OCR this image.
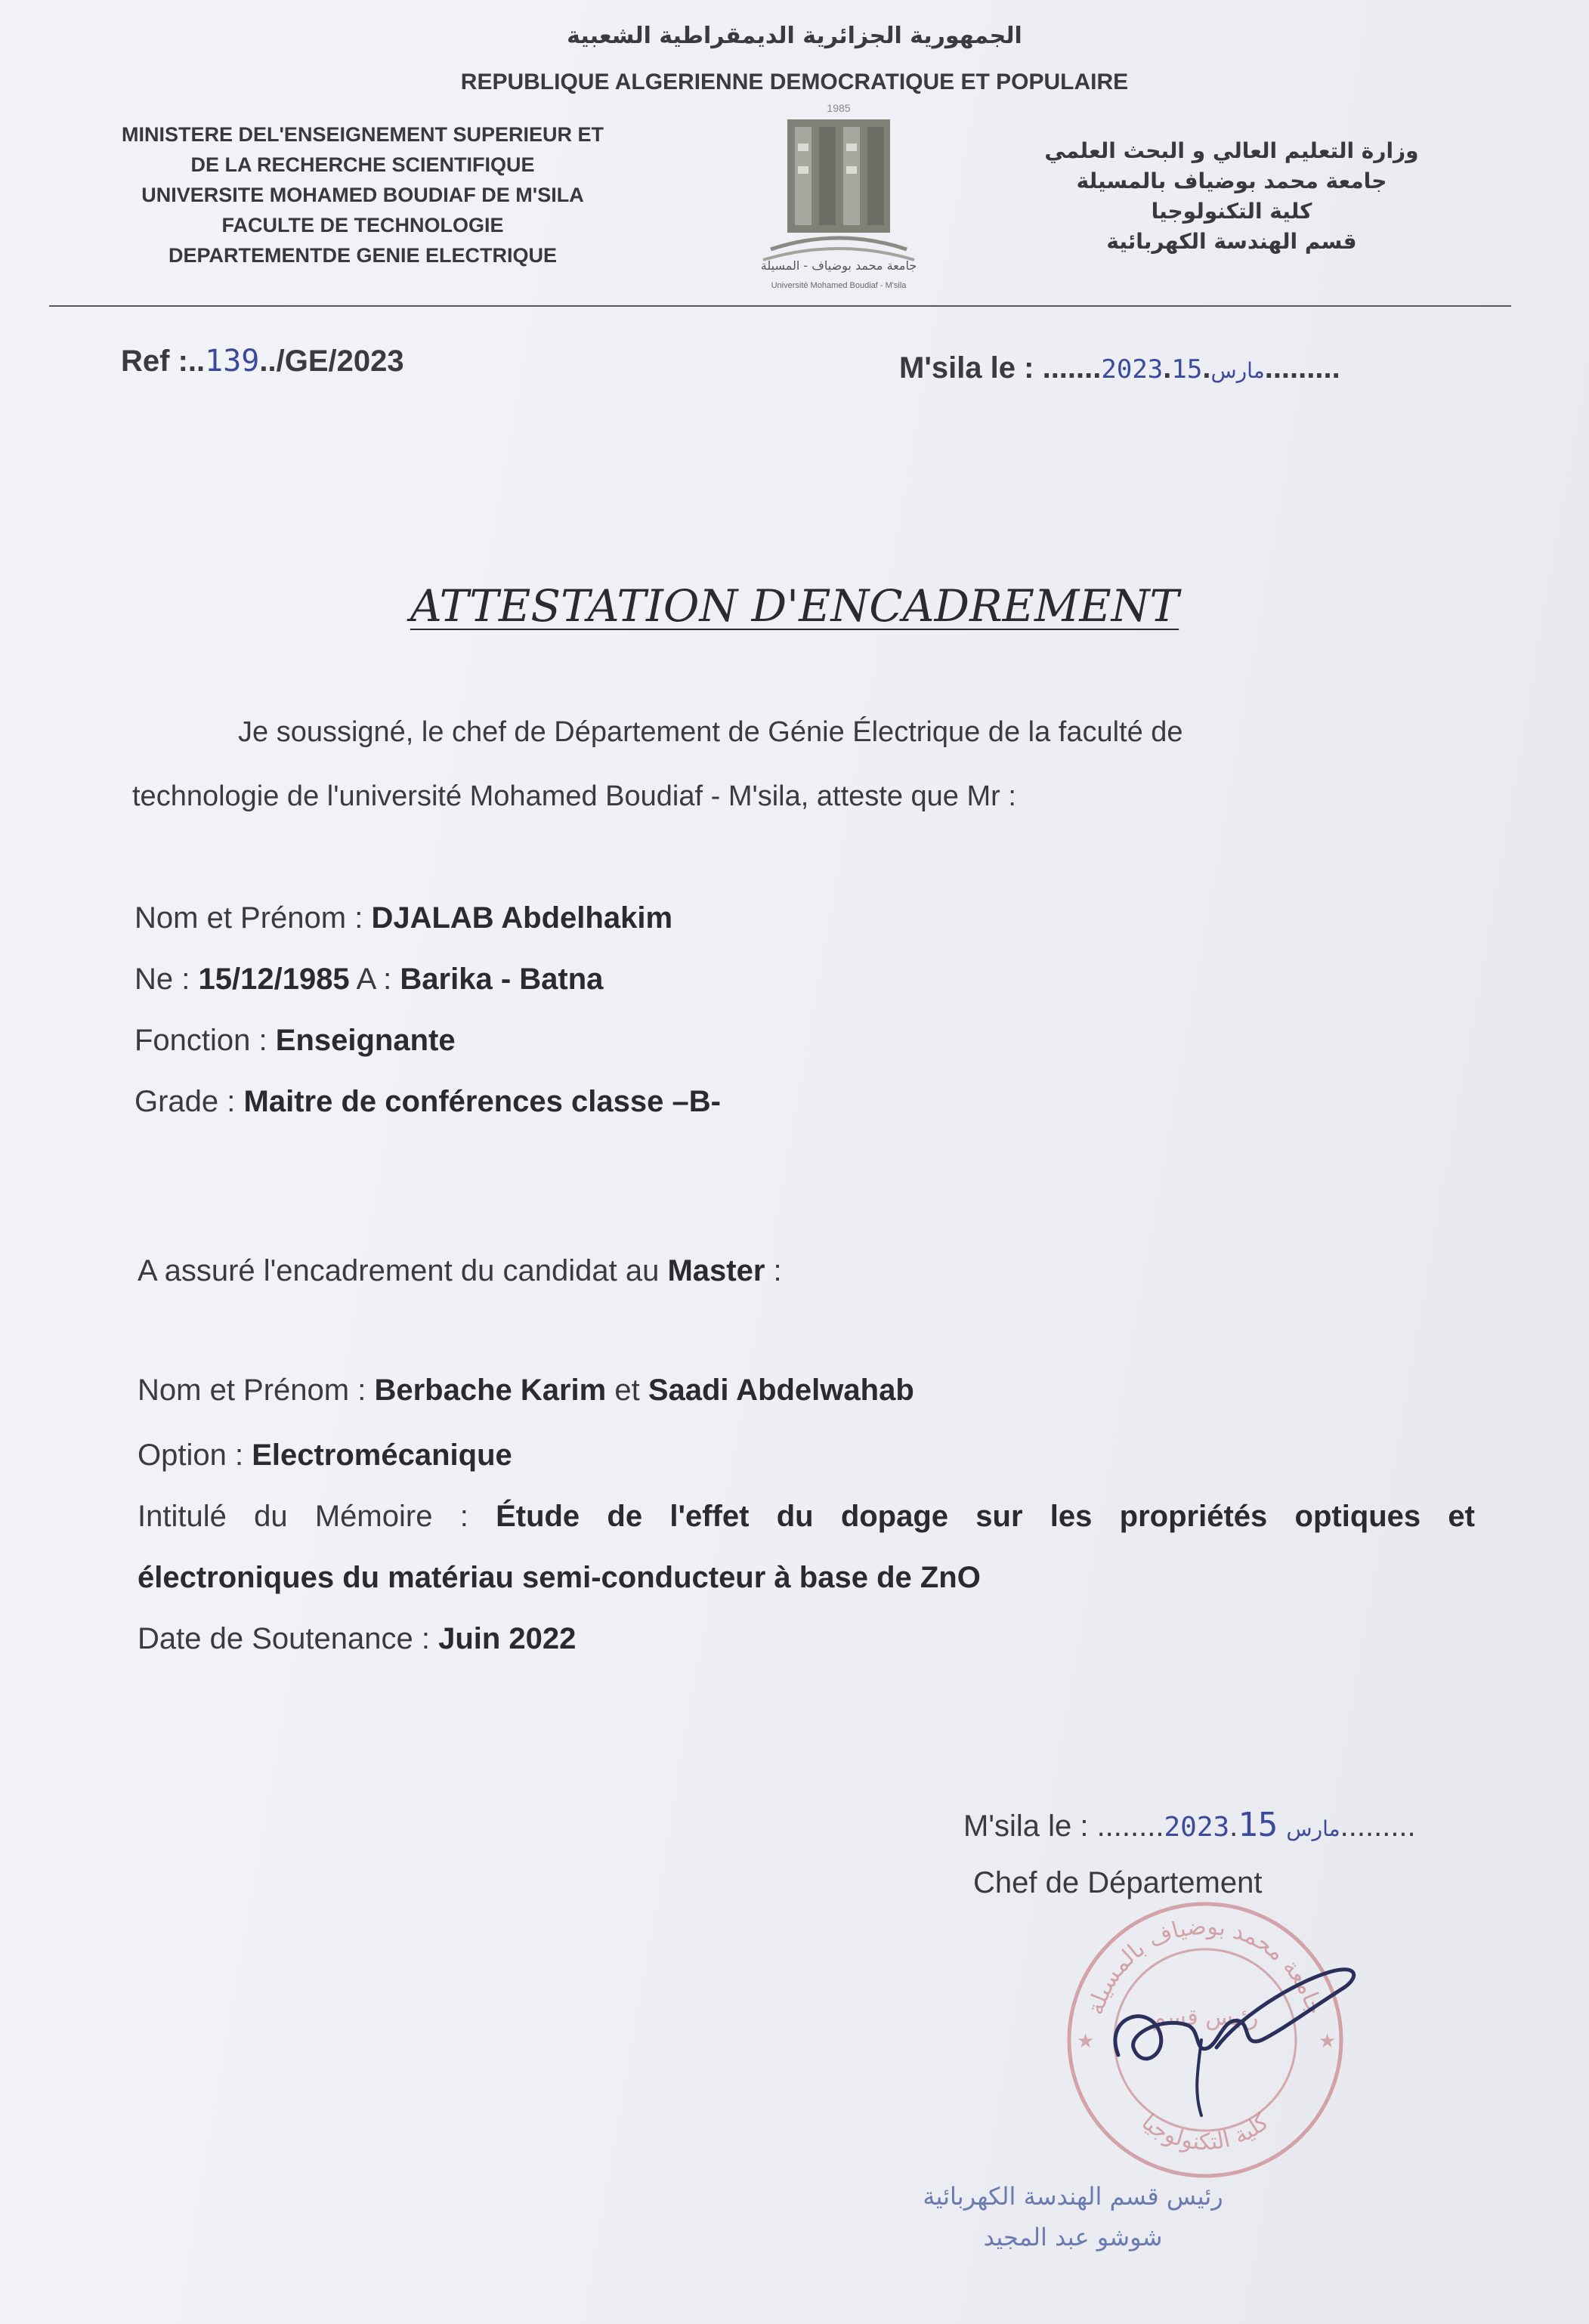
الجمهورية الجزائرية الديمقراطية الشعبية
REPUBLIQUE ALGERIENNE DEMOCRATIQUE ET POPULAIRE
MINISTERE DEL'ENSEIGNEMENT SUPERIEUR ET
DE LA RECHERCHE SCIENTIFIQUE
UNIVERSITE MOHAMED BOUDIAF DE M'SILA
FACULTE DE TECHNOLOGIE
DEPARTEMENTDE GENIE ELECTRIQUE
وزارة التعليم العالي و البحث العلمي
جامعة محمد بوضياف بالمسيلة
كلية التكنولوجيا
قسم الهندسة الكهربائية
1985
جامعة محمد بوضياف - المسيلة
Université Mohamed Boudiaf - M'sila
Ref :..139../GE/2023	M'sila le : .......2023. مارس.15 .........
ATTESTATION D'ENCADREMENT
Je soussigné, le chef de Département de Génie Électrique de la faculté de
technologie de l'université Mohamed Boudiaf - M'sila, atteste que Mr :
Nom et Prénom : DJALAB Abdelhakim
Ne : 15/12/1985 A : Barika - Batna
Fonction : Enseignante
Grade : Maitre de conférences classe –B-
A assuré l'encadrement du candidat au Master :
Nom et Prénom : Berbache Karim et Saadi Abdelwahab
Option : Electromécanique
Intitulé du Mémoire : Étude de l'effet du dopage sur les propriétés optiques et
électroniques du matériau semi-conducteur à base de ZnO
Date de Soutenance : Juin 2022
M'sila le : ........2023. مارس 15 .........
Chef de Département
جامعة محمد بوضياف بالمسيلة
كلية التكنولوجيا
رئيس قسم
★	★
رئيس قسم الهندسة الكهربائية
شوشو عبد المجيد
